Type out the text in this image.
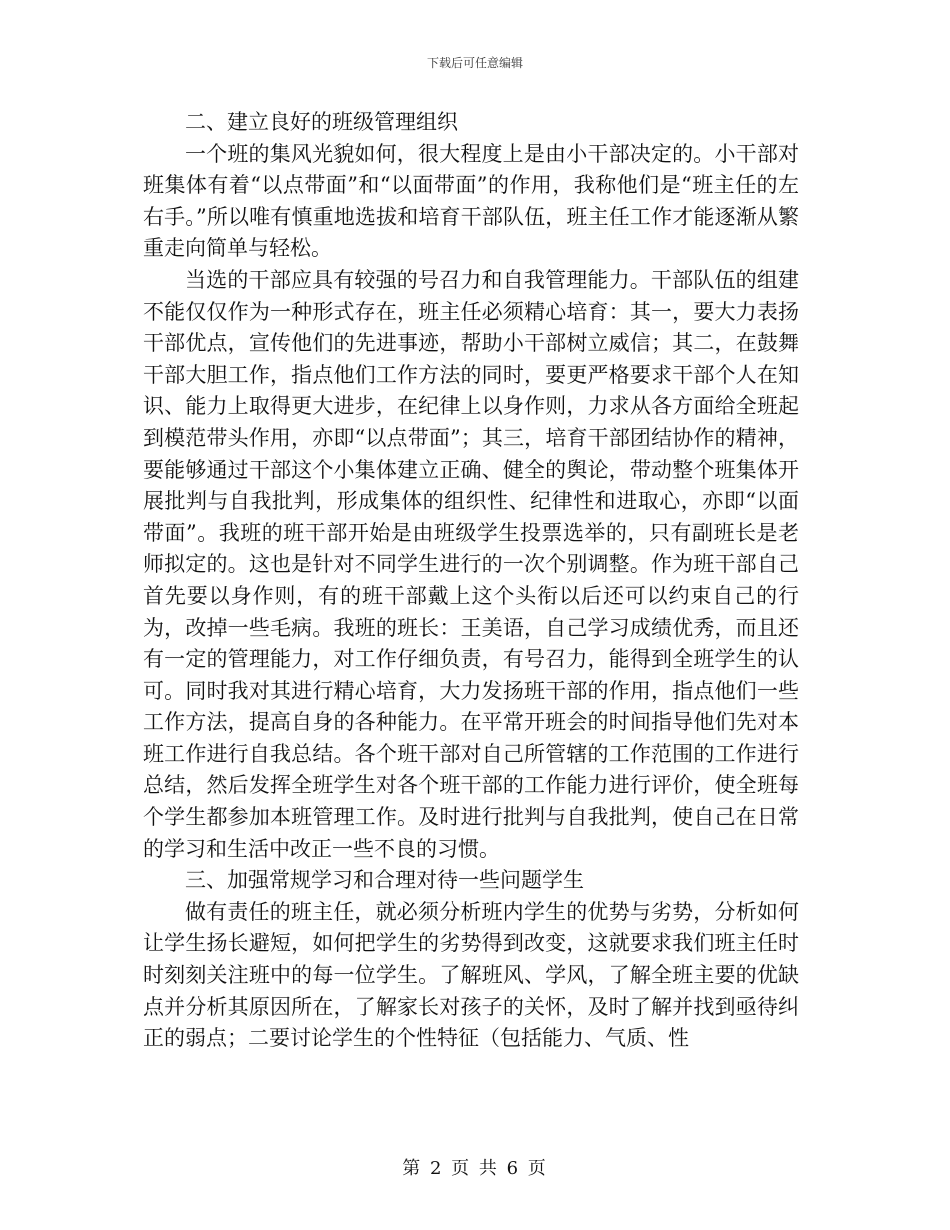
下载后可任意编辑

二、建立良好的班级管理组织

一个班的集风光貌如何，很大程度上是由小干部决定的。小干部对班集体有着“以点带面”和“以面带面”的作用，我称他们是“班主任的左右手。”所以唯有慎重地选拔和培育干部队伍，班主任工作才能逐渐从繁重走向简单与轻松。

当选的干部应具有较强的号召力和自我管理能力。干部队伍的组建不能仅仅作为一种形式存在，班主任必须精心培育：其一，要大力表扬干部优点，宣传他们的先进事迹，帮助小干部树立威信；其二，在鼓舞干部大胆工作，指点他们工作方法的同时，要更严格要求干部个人在知识、能力上取得更大进步，在纪律上以身作则，力求从各方面给全班起到模范带头作用，亦即“以点带面”；其三，培育干部团结协作的精神，要能够通过干部这个小集体建立正确、健全的舆论，带动整个班集体开展批判与自我批判，形成集体的组织性、纪律性和进取心，亦即“以面带面”。我班的班干部开始是由班级学生投票选举的，只有副班长是老师拟定的。这也是针对不同学生进行的一次个别调整。作为班干部自己首先要以身作则，有的班干部戴上这个头衔以后还可以约束自己的行为，改掉一些毛病。我班的班长：王美语，自己学习成绩优秀，而且还有一定的管理能力，对工作仔细负责，有号召力，能得到全班学生的认可。同时我对其进行精心培育，大力发扬班干部的作用，指点他们一些工作方法，提高自身的各种能力。在平常开班会的时间指导他们先对本班工作进行自我总结。各个班干部对自己所管辖的工作范围的工作进行总结，然后发挥全班学生对各个班干部的工作能力进行评价，使全班每个学生都参加本班管理工作。及时进行批判与自我批判，使自己在日常的学习和生活中改正一些不良的习惯。

三、加强常规学习和合理对待一些问题学生

做有责任的班主任，就必须分析班内学生的优势与劣势，分析如何让学生扬长避短，如何把学生的劣势得到改变，这就要求我们班主任时时刻刻关注班中的每一位学生。了解班风、学风，了解全班主要的优缺点并分析其原因所在，了解家长对孩子的关怀，及时了解并找到亟待纠正的弱点；二要讨论学生的个性特征（包括能力、气质、性

第 2 页 共 6 页
